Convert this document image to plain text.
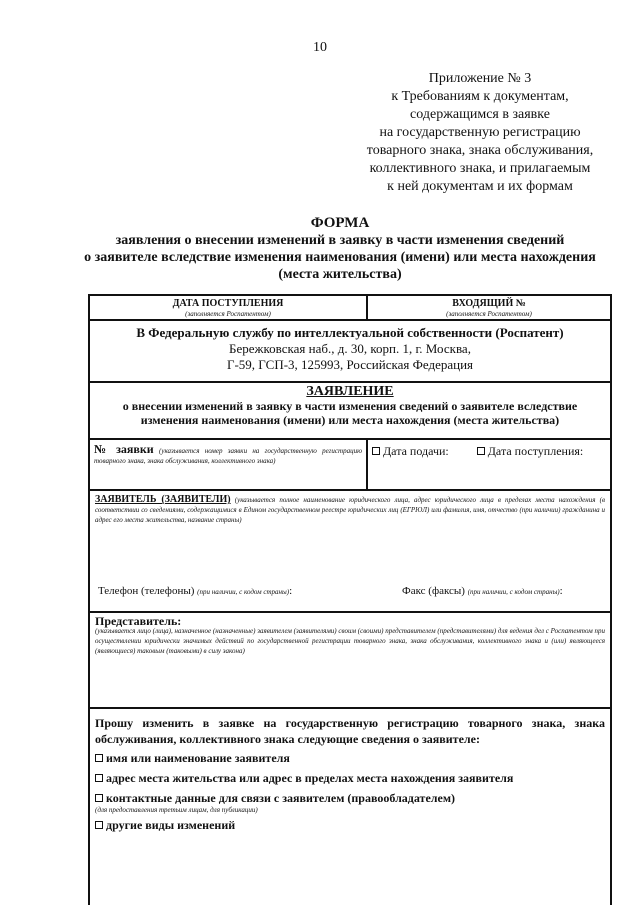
10
Приложение № 3
к Требованиям к документам,
содержащимся в заявке
на государственную регистрацию
товарного знака, знака обслуживания,
коллективного знака, и прилагаемым
к ней документам и их формам
ФОРМА
заявления о внесении изменений в заявку в части изменения сведений
о заявителе вследствие изменения наименования (имени) или места нахождения
(места жительства)
ДАТА ПОСТУПЛЕНИЯ
(заполняется Роспатентом)
ВХОДЯЩИЙ №
(заполняется Роспатентом)
В Федеральную службу по интеллектуальной собственности (Роспатент)
Бережковская наб., д. 30, корп. 1, г. Москва,
Г-59, ГСП-3, 125993, Российская Федерация
ЗАЯВЛЕНИЕ
о внесении изменений в заявку в части изменения сведений о заявителе вследствие
изменения наименования (имени) или места нахождения (места жительства)
№ заявки (указывается номер заявки на государственную регистрацию товарного знака, знака обслуживания, коллективного знака)
Дата подачи:	Дата поступления:
ЗАЯВИТЕЛЬ (ЗАЯВИТЕЛИ) (указывается полное наименование юридического лица, адрес юридического лица в пределах места нахождения (в соответствии со сведениями, содержащимися в Едином государственном реестре юридических лиц (ЕГРЮЛ) или фамилия, имя, отчество (при наличии) гражданина и адрес его места жительства, название страны)
Телефон (телефоны) (при наличии, с кодом страны):	Факс (факсы) (при наличии, с кодом страны):
Представитель:
(указывается лицо (лица), назначенное (назначенные) заявителем (заявителями) своим (своими) представителем (представителями) для ведения дел с Роспатентом при осуществлении юридически значимых действий по государственной регистрации товарного знака, знака обслуживания, коллективного знака и (или) являющееся (являющиеся) таковым (таковыми) в силу закона)
Прошу изменить в заявке на государственную регистрацию товарного знака, знака обслуживания, коллективного знака следующие сведения о заявителе:
имя или наименование заявителя
адрес места жительства или адрес в пределах места нахождения заявителя
контактные данные для связи с заявителем (правообладателем)
(для предоставления третьим лицам, для публикации)
другие виды изменений
